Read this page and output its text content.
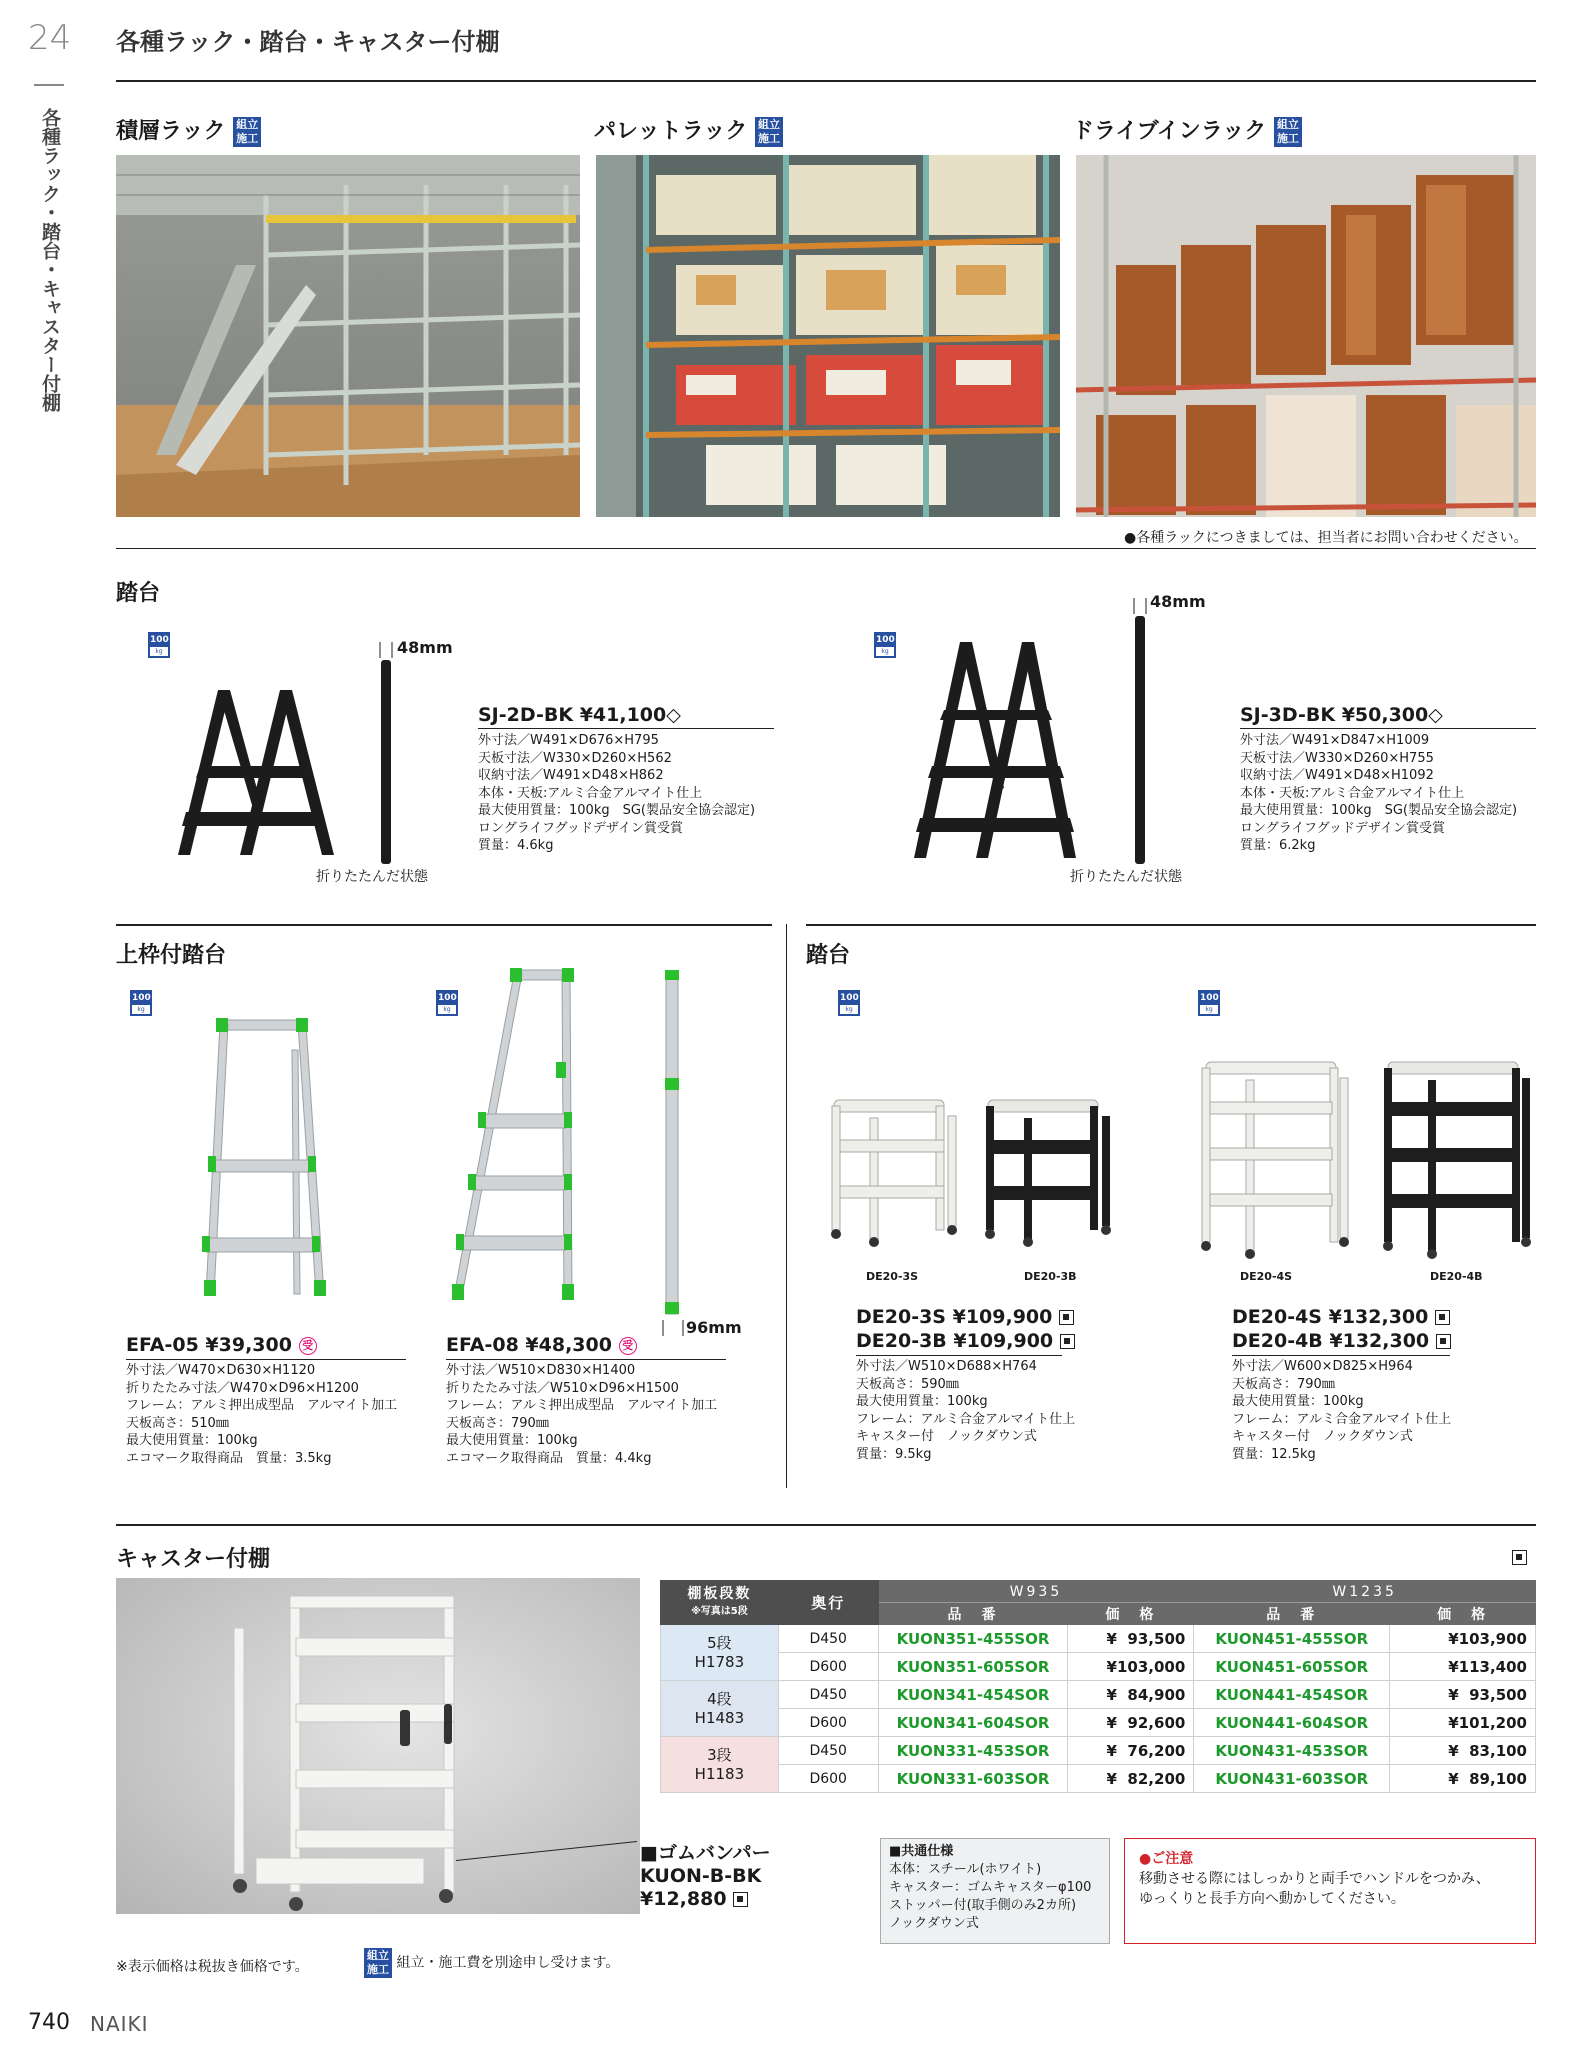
24 各種ラック・踏台・キャスター付棚
各種ラック・踏台・キャスター付棚	積層ラック 組立
施工	パレットラック 組立
施工	ドライブインラック 組立
施工
●各種ラックにつきましては、担当者にお問い合わせください。
踏台
100
kg	48mm
折りたたんだ状態
SJ-2D-BK ¥41,100◇
外寸法／W491×D676×H795
天板寸法／W330×D260×H562
収納寸法／W491×D48×H862
本体・天板:アルミ合金アルマイト仕上
最大使用質量：100kg　SG(製品安全協会認定)
ロングライフグッドデザイン賞受賞
質量：4.6kg
100
kg
48mm
折りたたんだ状態
SJ-3D-BK ¥50,300◇
外寸法／W491×D847×H1009
天板寸法／W330×D260×H755
収納寸法／W491×D48×H1092
本体・天板:アルミ合金アルマイト仕上
最大使用質量：100kg　SG(製品安全協会認定)
ロングライフグッドデザイン賞受賞
質量：6.2kg
上枠付踏台
100
kg
EFA-05 ¥39,300 受
外寸法／W470×D630×H1120
折りたたみ寸法／W470×D96×H1200
フレーム：アルミ押出成型品　アルマイト加工
天板高さ：510㎜
最大使用質量：100kg
エコマーク取得商品　質量：3.5kg
100
kg
96mm
EFA-08 ¥48,300 受
外寸法／W510×D830×H1400
折りたたみ寸法／W510×D96×H1500
フレーム：アルミ押出成型品　アルマイト加工
天板高さ：790㎜
最大使用質量：100kg
エコマーク取得商品　質量：4.4kg
踏台
100
kg
100
kg
DE20-3S	DE20-3B	DE20-4S	DE20-4B
DE20-3S ¥109,900
DE20-3B ¥109,900
外寸法／W510×D688×H764
天板高さ：590㎜
最大使用質量：100kg
フレーム：アルミ合金アルマイト仕上
キャスター付　ノックダウン式
質量：9.5kg
DE20-4S ¥132,300
DE20-4B ¥132,300
外寸法／W600×D825×H964
天板高さ：790㎜
最大使用質量：100kg
フレーム：アルミ合金アルマイト仕上
キャスター付　ノックダウン式
質量：12.5kg
キャスター付棚
■ゴムバンパー
KUON-B-BK
¥12,880
棚板段数
※写真は5段	奥行	W935		W1235	
		品　番	価　格	品　番	価　格
5段
H1783	D450	KUON351-455SOR	¥  93,500	KUON451-455SOR	¥103,900
	D600	KUON351-605SOR	¥103,000	KUON451-605SOR	¥113,400
4段
H1483	D450	KUON341-454SOR	¥  84,900	KUON441-454SOR	¥  93,500
	D600	KUON341-604SOR	¥  92,600	KUON441-604SOR	¥101,200
3段
H1183	D450	KUON331-453SOR	¥  76,200	KUON431-453SOR	¥  83,100
	D600	KUON331-603SOR	¥  82,200	KUON431-603SOR	¥  89,100
■共通仕様
本体：スチール(ホワイト)
キャスター：ゴムキャスターφ100
ストッパー付(取手側のみ2カ所)
ノックダウン式
●ご注意
移動させる際にはしっかりと両手でハンドルをつかみ、
ゆっくりと長手方向へ動かしてください。
※表示価格は税抜き価格です。
組立
施工 組立・施工費を別途申し受けます。
740 NAIKI
